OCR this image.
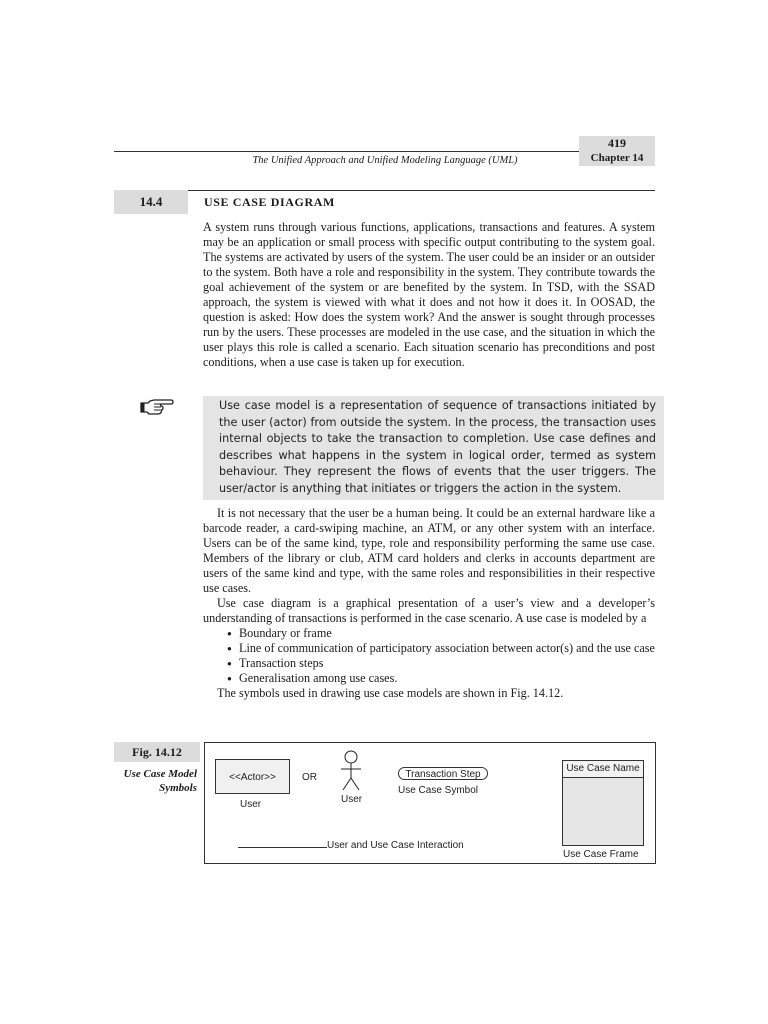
419
Chapter 14
The Unified Approach and Unified Modeling Language (UML)
14.4	USE CASE DIAGRAM
A system runs through various functions, applications, transactions and features. A system may be an application or small process with specific output contributing to the system goal. The systems are activated by users of the system. The user could be an insider or an outsider to the system. Both have a role and responsibility in the system. They contribute towards the goal achievement of the system or are benefited by the system. In TSD, with the SSAD approach, the system is viewed with what it does and not how it does it. In OOSAD, the question is asked: How does the system work? And the answer is sought through processes run by the users. These processes are modeled in the use case, and the situation in which the user plays this role is called a scenario. Each situation scenario has preconditions and post conditions, when a use case is taken up for execution.
Use case model is a representation of sequence of transactions initiated by the user (actor) from outside the system. In the process, the transaction uses internal objects to take the transaction to completion. Use case defines and describes what happens in the system in logical order, termed as system behaviour. They represent the flows of events that the user triggers. The user/actor is anything that initiates or triggers the action in the system.
It is not necessary that the user be a human being. It could be an external hardware like a barcode reader, a card-swiping machine, an ATM, or any other system with an interface. Users can be of the same kind, type, role and responsibility performing the same use case. Members of the library or club, ATM card holders and clerks in accounts department are users of the same kind and type, with the same roles and responsibilities in their respective use cases.
Use case diagram is a graphical presentation of a user’s view and a developer’s understanding of transactions is performed in the case scenario. A use case is modeled by a
● Boundary or frame
● Line of communication of participatory association between actor(s) and the use case
● Transaction steps
● Generalisation among use cases.
The symbols used in drawing use case models are shown in Fig. 14.12.
Fig. 14.12
Use Case Model
Symbols
<<Actor>>
User
OR
User
Transaction Step
Use Case Symbol
Use Case Name
Use Case Frame
User and Use Case Interaction
